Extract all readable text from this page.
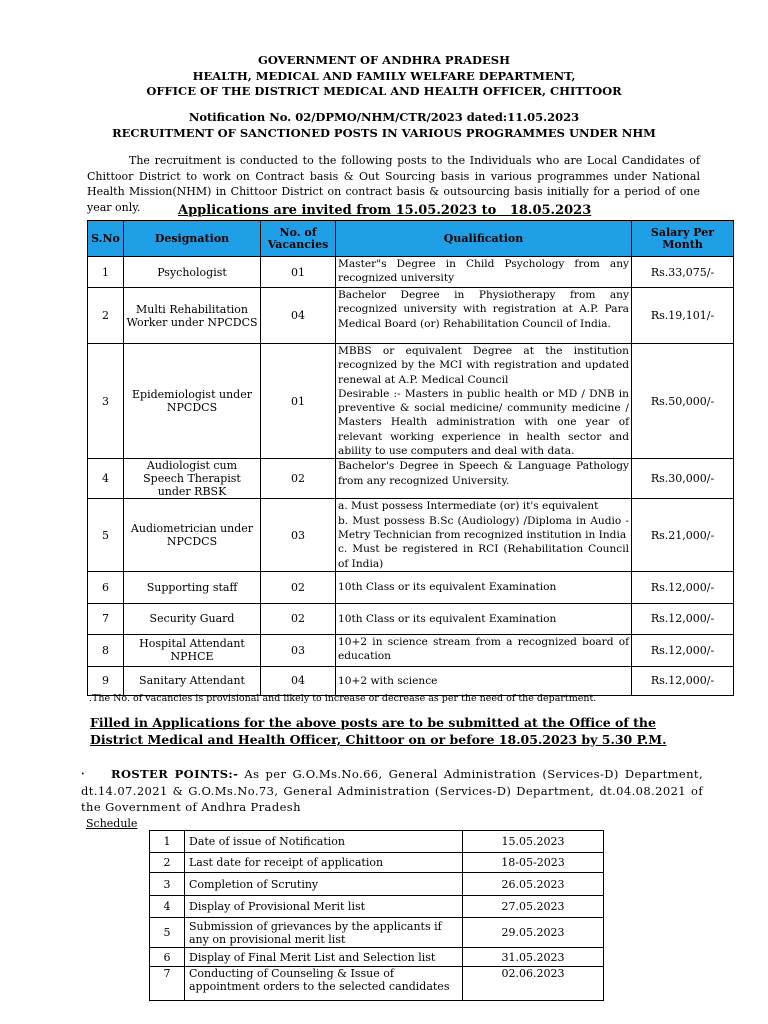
GOVERNMENT OF ANDHRA PRADESH
HEALTH, MEDICAL AND FAMILY WELFARE DEPARTMENT,
OFFICE OF THE DISTRICT MEDICAL AND HEALTH OFFICER, CHITTOOR
Notification No. 02/DPMO/NHM/CTR/2023 dated:11.05.2023
RECRUITMENT OF SANCTIONED POSTS IN VARIOUS PROGRAMMES UNDER NHM
The recruitment is conducted to the following posts to the Individuals who are Local Candidates of Chittoor District to work on Contract basis & Out Sourcing basis in various programmes under National Health Mission(NHM) in Chittoor District on contract basis & outsourcing basis initially for a period of one year only.	Applications are invited from 15.05.2023 to   18.05.2023
S.No	Designation	No. of Vacancies	Qualification	Salary Per Month
1	Psychologist	01	Master"s Degree in Child Psychology from any recognized university	Rs.33,075/-
2	Multi Rehabilitation Worker under NPCDCS	04	Bachelor Degree in Physiotherapy from any recognized university with registration at A.P. Para Medical Board (or) Rehabilitation Council of India.	Rs.19,101/-
3	Epidemiologist under NPCDCS	01	MBBS or equivalent Degree at the institution recognized by the MCI with registration and updated renewal at A.P. Medical Council
Desirable :- Masters in public health or MD / DNB in preventive & social medicine/ community medicine / Masters Health administration with one year of relevant working experience in health sector and ability to use computers and deal with data.	Rs.50,000/-
4	Audiologist cum Speech Therapist under RBSK	02	Bachelor's Degree in Speech & Language Pathology from any recognized University.	Rs.30,000/-
5	Audiometrician under NPCDCS	03	a. Must possess Intermediate (or) it's equivalent
b. Must possess B.Sc (Audiology) /Diploma in Audio - Metry Technician from recognized institution in India
c. Must be registered in RCI (Rehabilitation Council of India)	Rs.21,000/-
6	Supporting staff	02	10th Class or its equivalent Examination	Rs.12,000/-
7	Security Guard	02	10th Class or its equivalent Examination	Rs.12,000/-
8	Hospital Attendant NPHCE	03	10+2 in science stream from a recognized board of education	Rs.12,000/-
9	Sanitary Attendant	04	10+2 with science	Rs.12,000/-
.The No. of vacancies is provisional and likely to increase or decrease as per the need of the department.
Filled in Applications for the above posts are to be submitted at the Office of the District Medical and Health Officer, Chittoor on or before 18.05.2023 by 5.30 P.M.
• ROSTER POINTS:- As per G.O.Ms.No.66, General Administration (Services-D) Department, dt.14.07.2021 & G.O.Ms.No.73, General Administration (Services-D) Department, dt.04.08.2021 of the Government of Andhra Pradesh
Schedule
1	Date of issue of Notification	15.05.2023
2	Last date for receipt of application	18-05-2023
3	Completion of Scrutiny	26.05.2023
4	Display of Provisional Merit list	27.05.2023
5	Submission of grievances by the applicants if any on provisional merit list	29.05.2023
6	Display of Final Merit List and Selection list	31.05.2023
7	Conducting of Counseling & Issue of appointment orders to the selected candidates	02.06.2023
